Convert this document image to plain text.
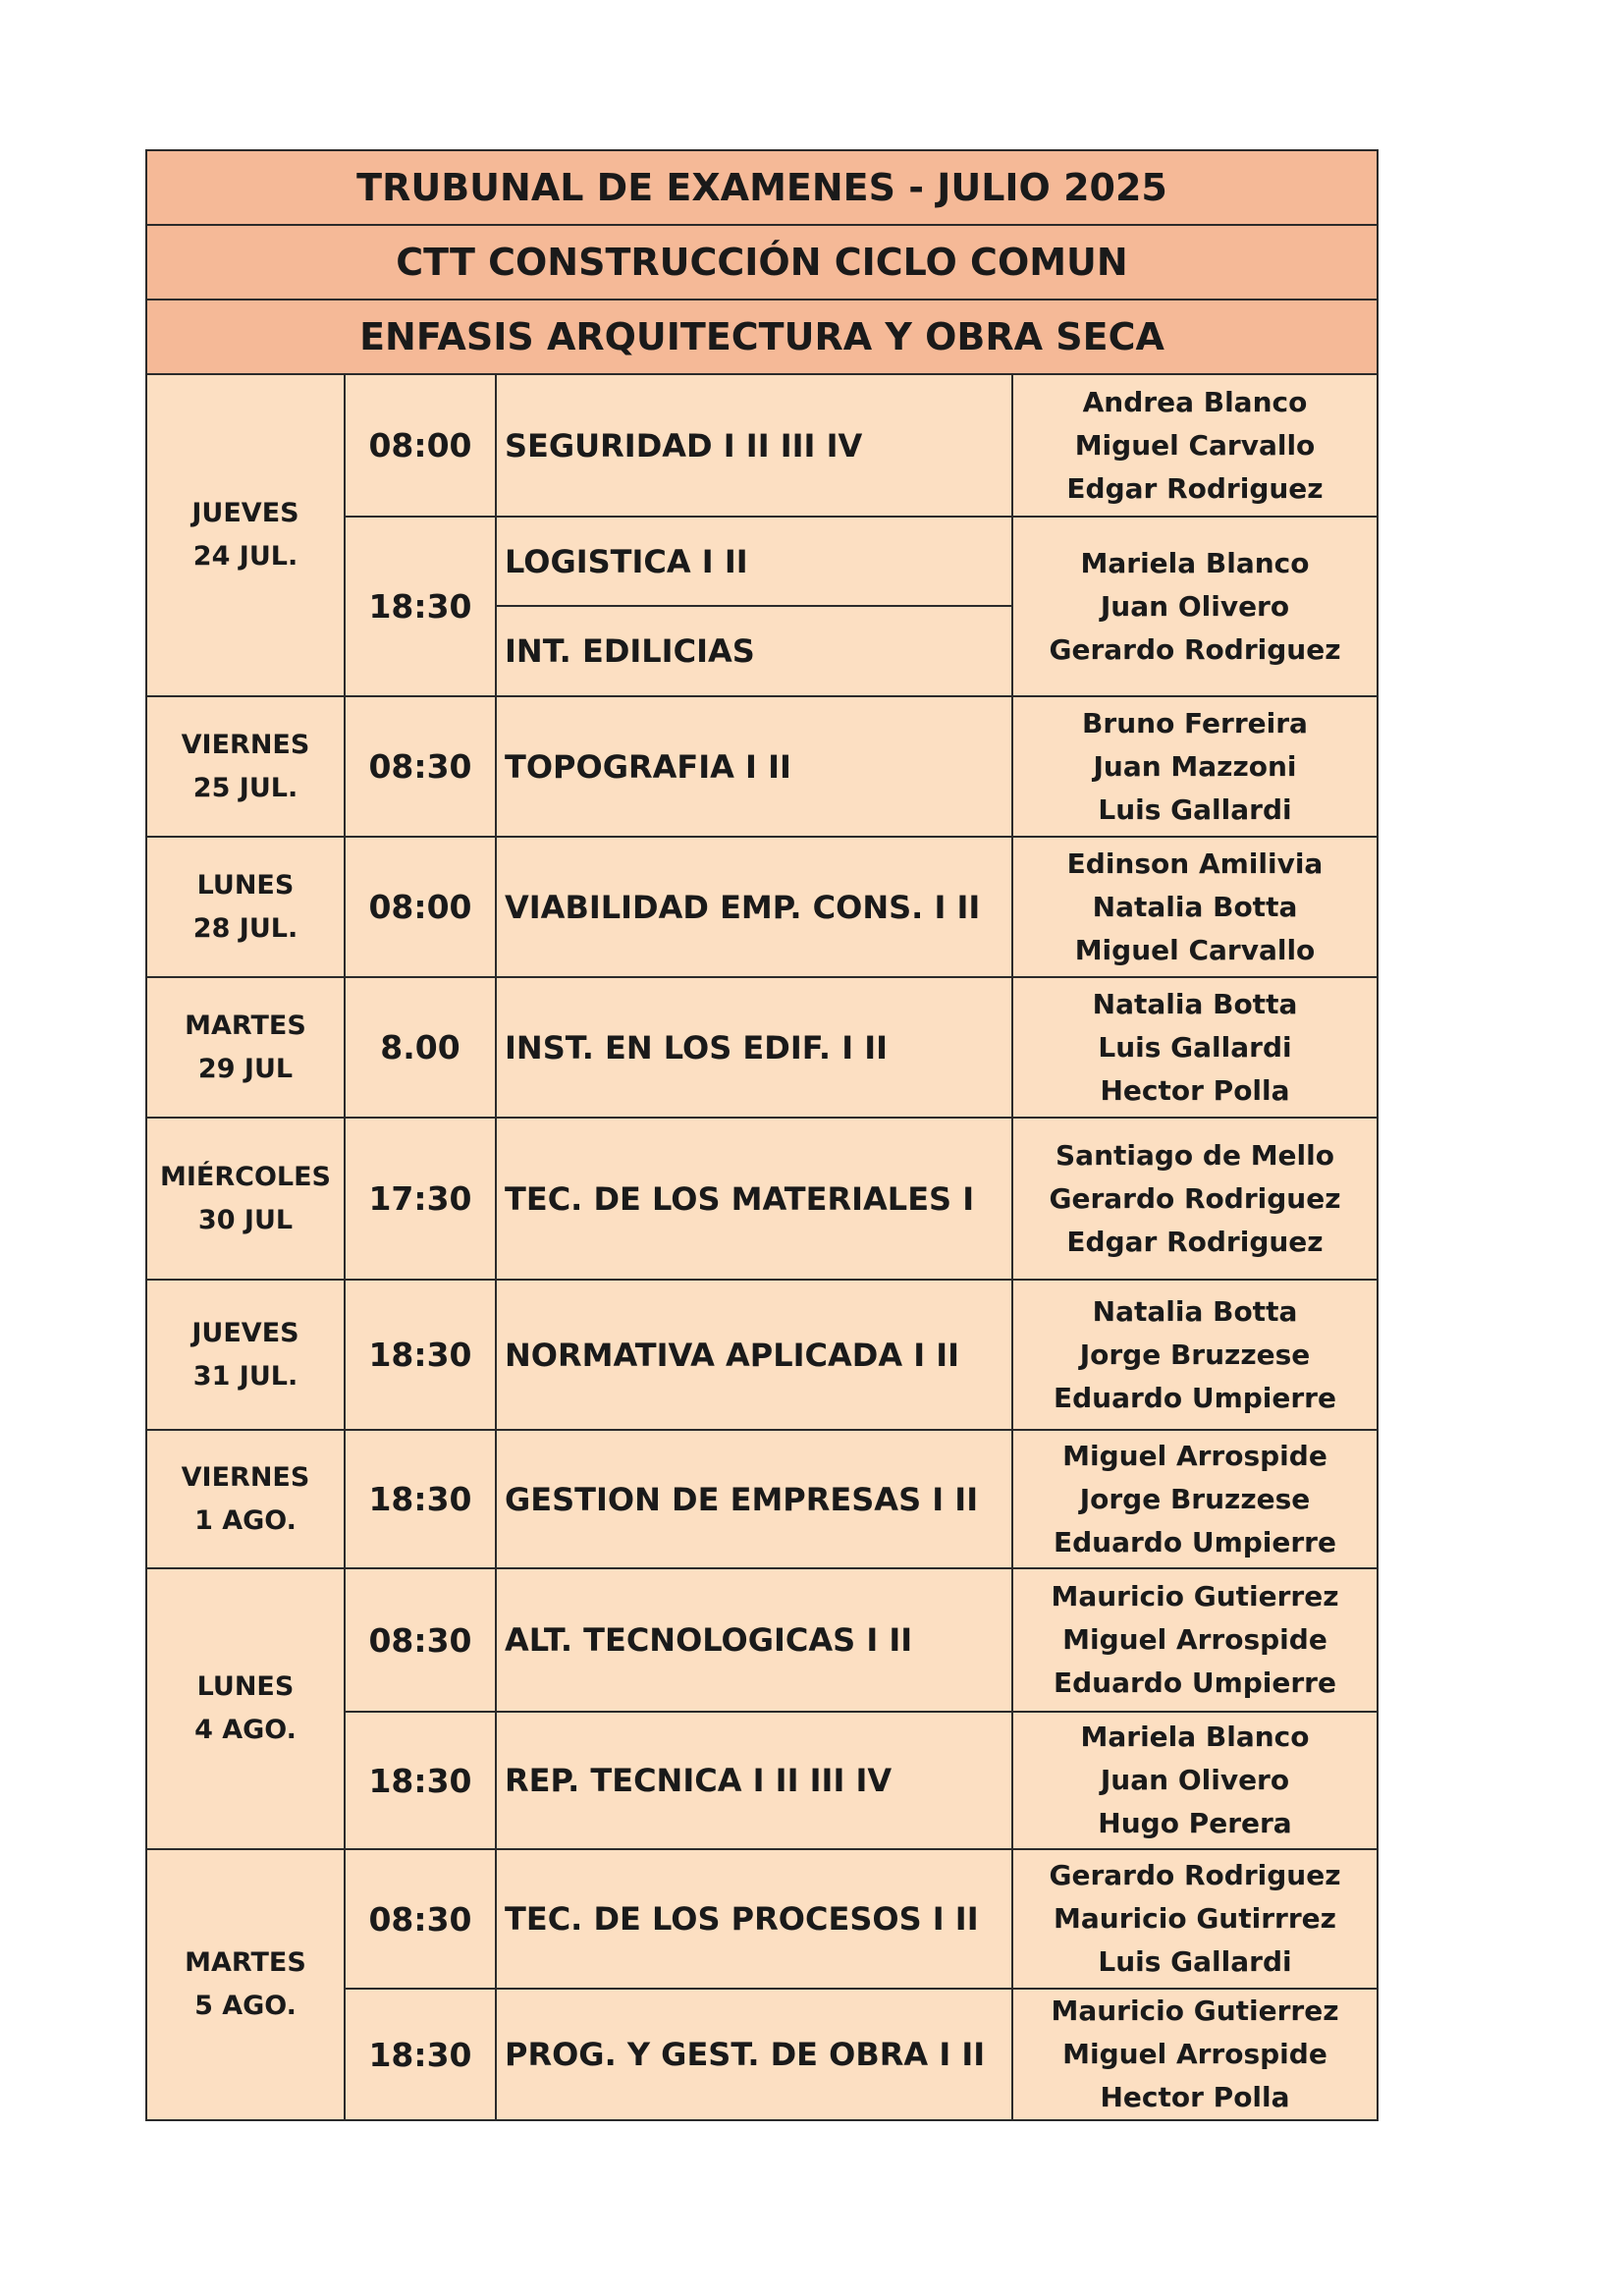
TRUBUNAL DE EXAMENES - JULIO 2025			
CTT CONSTRUCCIÓN CICLO COMUN			
ENFASIS ARQUITECTURA Y OBRA SECA			

JUEVES
24 JUL.	08:00	SEGURIDAD I II III IV	Andrea Blanco
Miguel Carvallo
Edgar Rodriguez

	18:30	LOGISTICA I II	Mariela Blanco
Juan Olivero
Gerardo Rodriguez

		INT. EDILICIAS	

VIERNES
25 JUL.	08:30	TOPOGRAFIA I II	Bruno Ferreira
Juan Mazzoni
Luis Gallardi

LUNES
28 JUL.	08:00	VIABILIDAD EMP. CONS. I II	Edinson Amilivia
Natalia Botta
Miguel Carvallo

MARTES
29 JUL	8.00	INST. EN LOS EDIF. I II	Natalia Botta
Luis Gallardi
Hector Polla

MIÉRCOLES
30 JUL	17:30	TEC. DE LOS MATERIALES I	Santiago de Mello
Gerardo Rodriguez
Edgar Rodriguez

JUEVES
31 JUL.	18:30	NORMATIVA APLICADA I II	Natalia Botta
Jorge Bruzzese
Eduardo Umpierre

VIERNES
1 AGO.	18:30	GESTION DE EMPRESAS I II	Miguel Arrospide
Jorge Bruzzese
Eduardo Umpierre

LUNES
4 AGO.	08:30	ALT. TECNOLOGICAS I II	Mauricio Gutierrez
Miguel Arrospide
Eduardo Umpierre

	18:30	REP. TECNICA I II III IV	Mariela Blanco
Juan Olivero
Hugo Perera

MARTES
5 AGO.	08:30	TEC. DE LOS PROCESOS I II	Gerardo Rodriguez
Mauricio Gutirrrez
Luis Gallardi

	18:30	PROG. Y GEST. DE OBRA I II	Mauricio Gutierrez
Miguel Arrospide
Hector Polla
